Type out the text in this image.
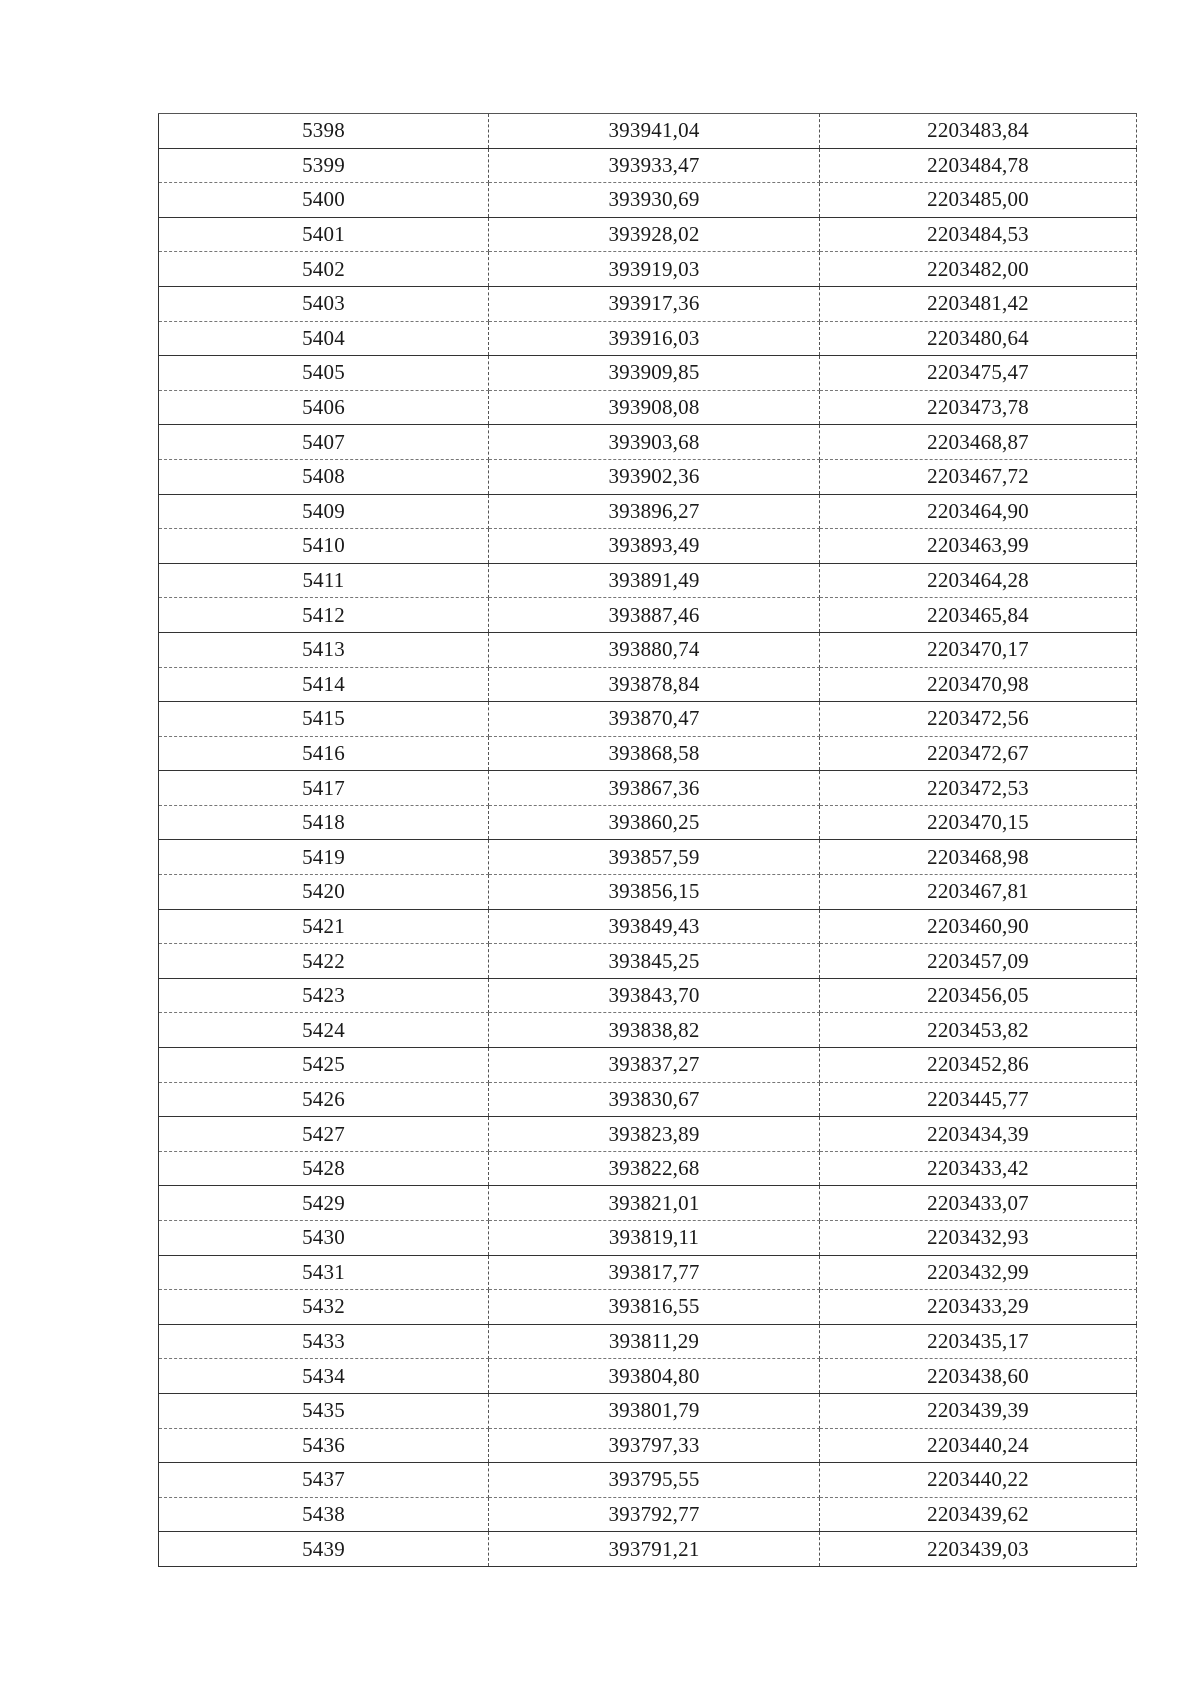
5398	393941,04	2203483,84
5399	393933,47	2203484,78
5400	393930,69	2203485,00
5401	393928,02	2203484,53
5402	393919,03	2203482,00
5403	393917,36	2203481,42
5404	393916,03	2203480,64
5405	393909,85	2203475,47
5406	393908,08	2203473,78
5407	393903,68	2203468,87
5408	393902,36	2203467,72
5409	393896,27	2203464,90
5410	393893,49	2203463,99
5411	393891,49	2203464,28
5412	393887,46	2203465,84
5413	393880,74	2203470,17
5414	393878,84	2203470,98
5415	393870,47	2203472,56
5416	393868,58	2203472,67
5417	393867,36	2203472,53
5418	393860,25	2203470,15
5419	393857,59	2203468,98
5420	393856,15	2203467,81
5421	393849,43	2203460,90
5422	393845,25	2203457,09
5423	393843,70	2203456,05
5424	393838,82	2203453,82
5425	393837,27	2203452,86
5426	393830,67	2203445,77
5427	393823,89	2203434,39
5428	393822,68	2203433,42
5429	393821,01	2203433,07
5430	393819,11	2203432,93
5431	393817,77	2203432,99
5432	393816,55	2203433,29
5433	393811,29	2203435,17
5434	393804,80	2203438,60
5435	393801,79	2203439,39
5436	393797,33	2203440,24
5437	393795,55	2203440,22
5438	393792,77	2203439,62
5439	393791,21	2203439,03
